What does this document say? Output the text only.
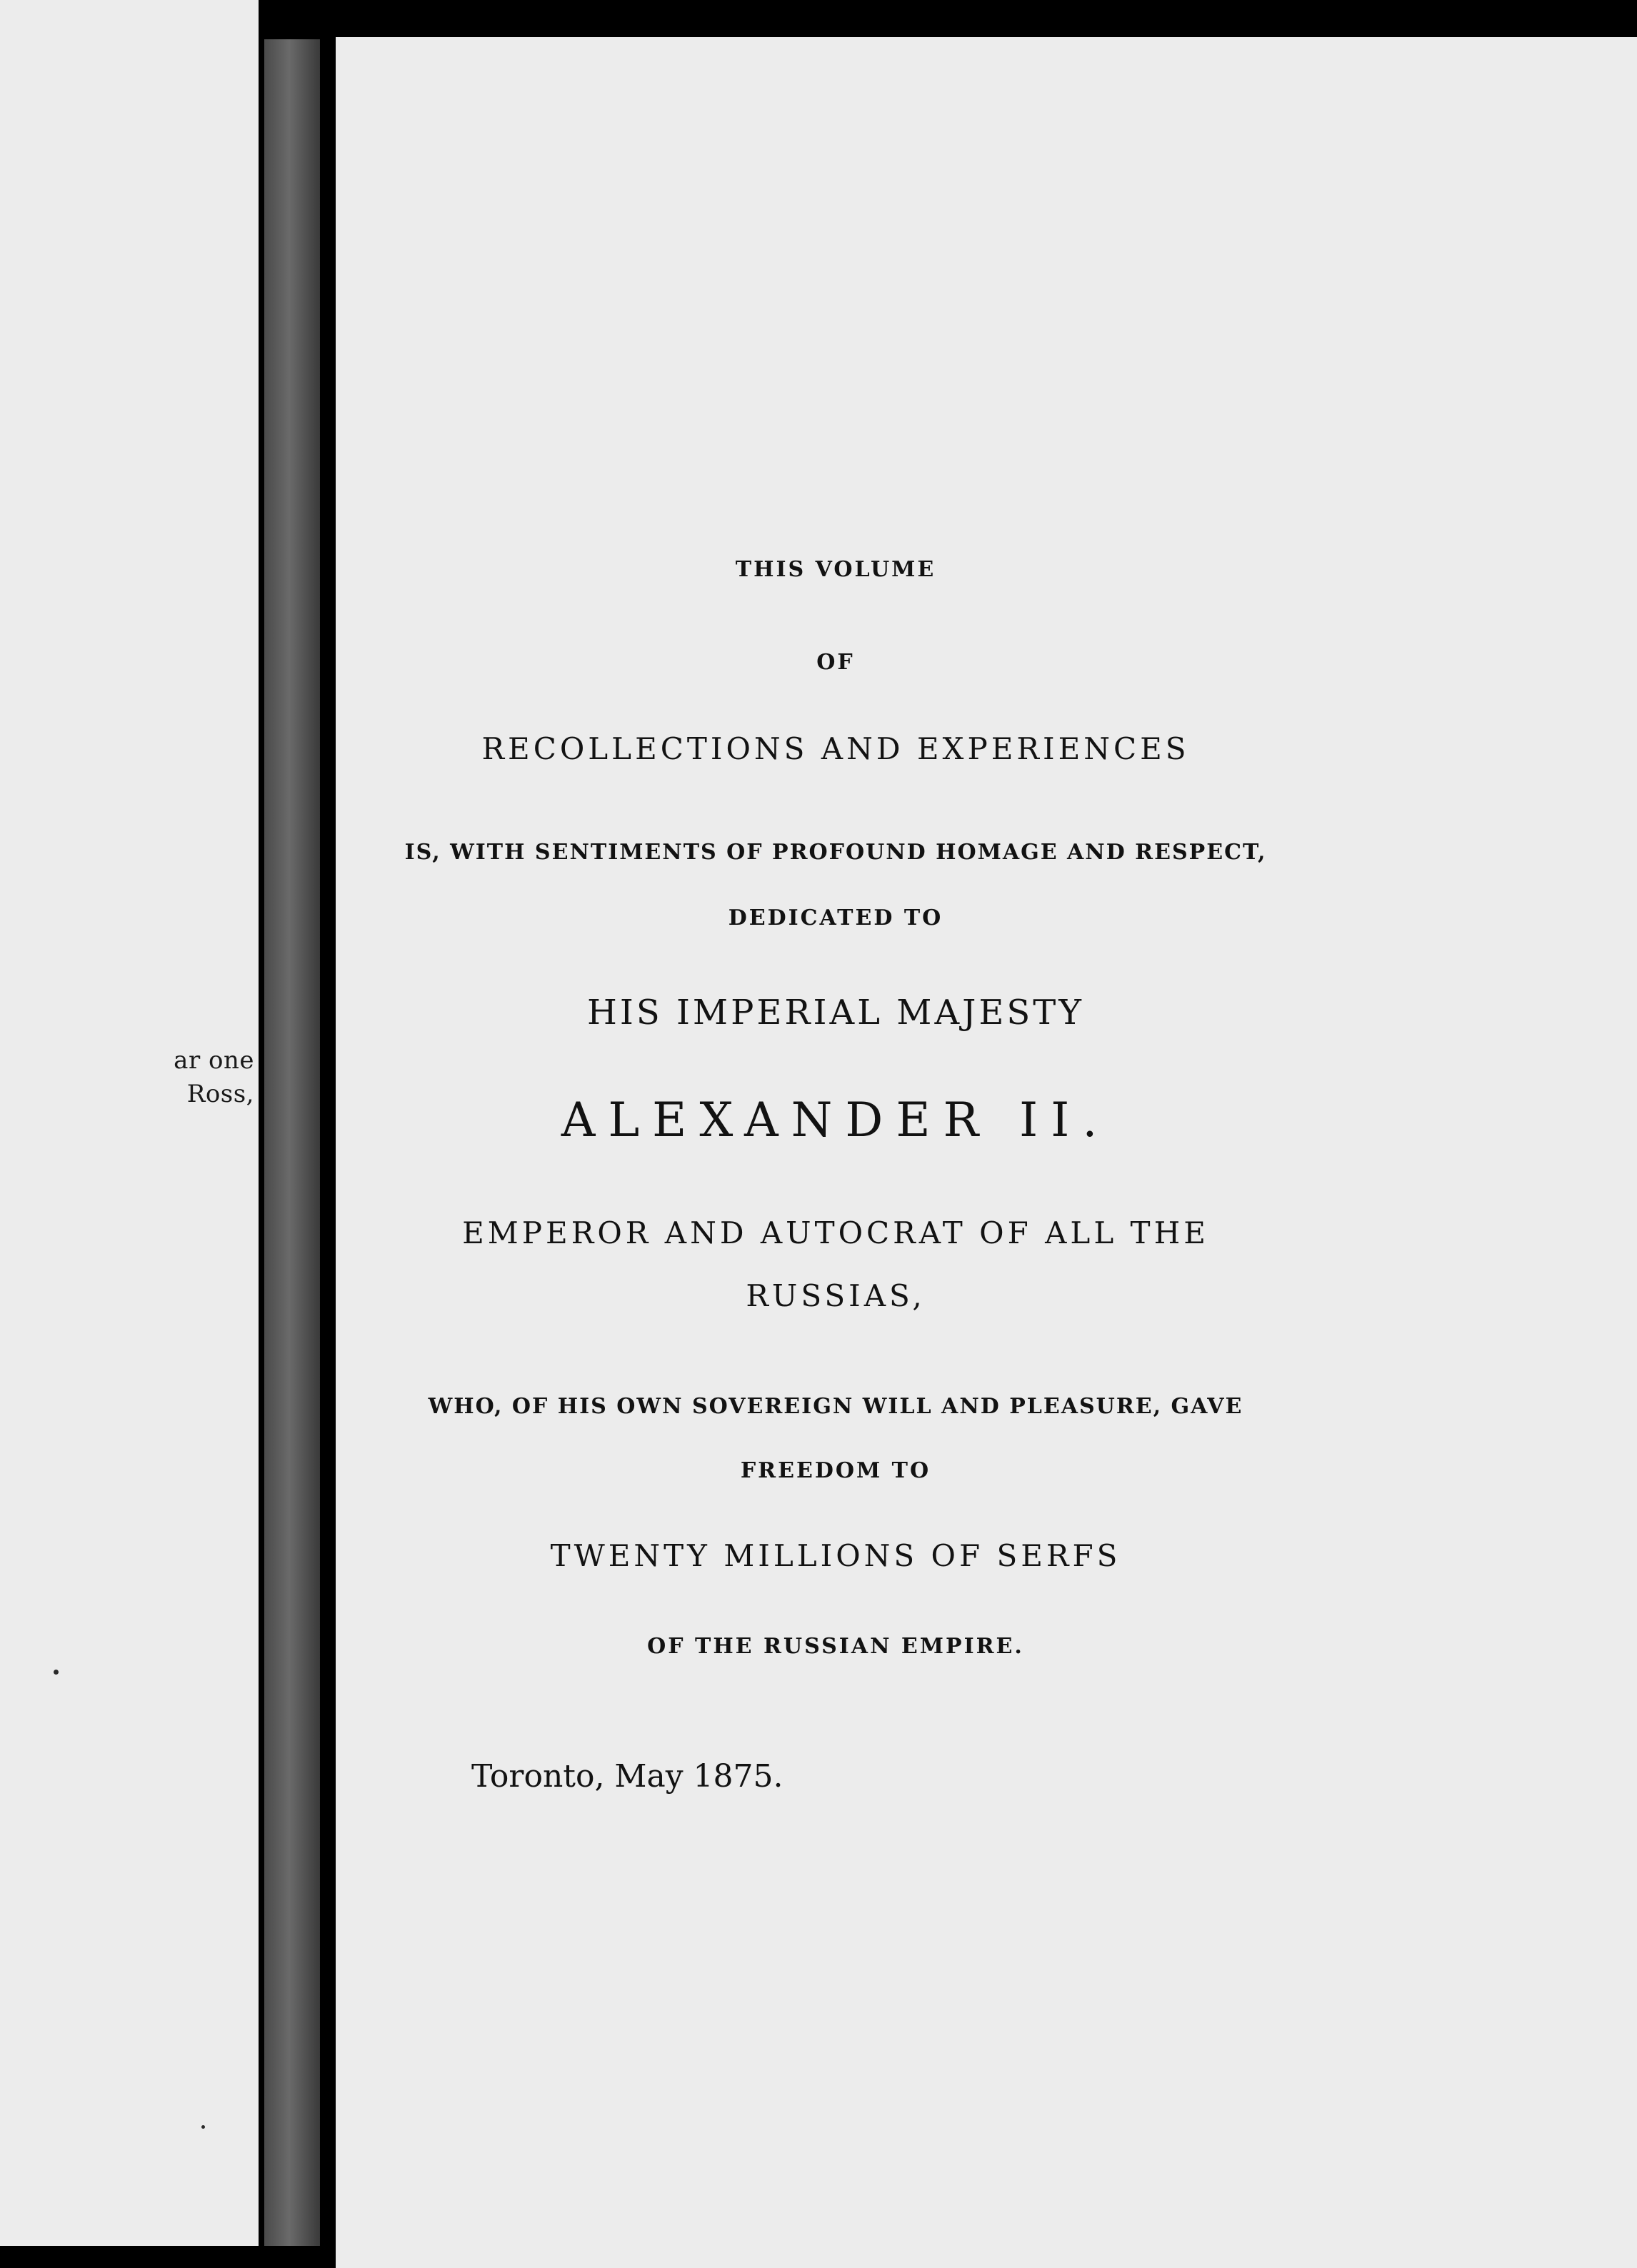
ar one
Ross,
THIS VOLUME
OF
RECOLLECTIONS AND EXPERIENCES
IS, WITH SENTIMENTS OF PROFOUND HOMAGE AND RESPECT,
DEDICATED TO
HIS IMPERIAL MAJESTY
ALEXANDER II.
EMPEROR AND AUTOCRAT OF ALL THE
RUSSIAS,
WHO, OF HIS OWN SOVEREIGN WILL AND PLEASURE, GAVE
FREEDOM TO
TWENTY MILLIONS OF SERFS
OF THE RUSSIAN EMPIRE.
Toronto, May 1875.
